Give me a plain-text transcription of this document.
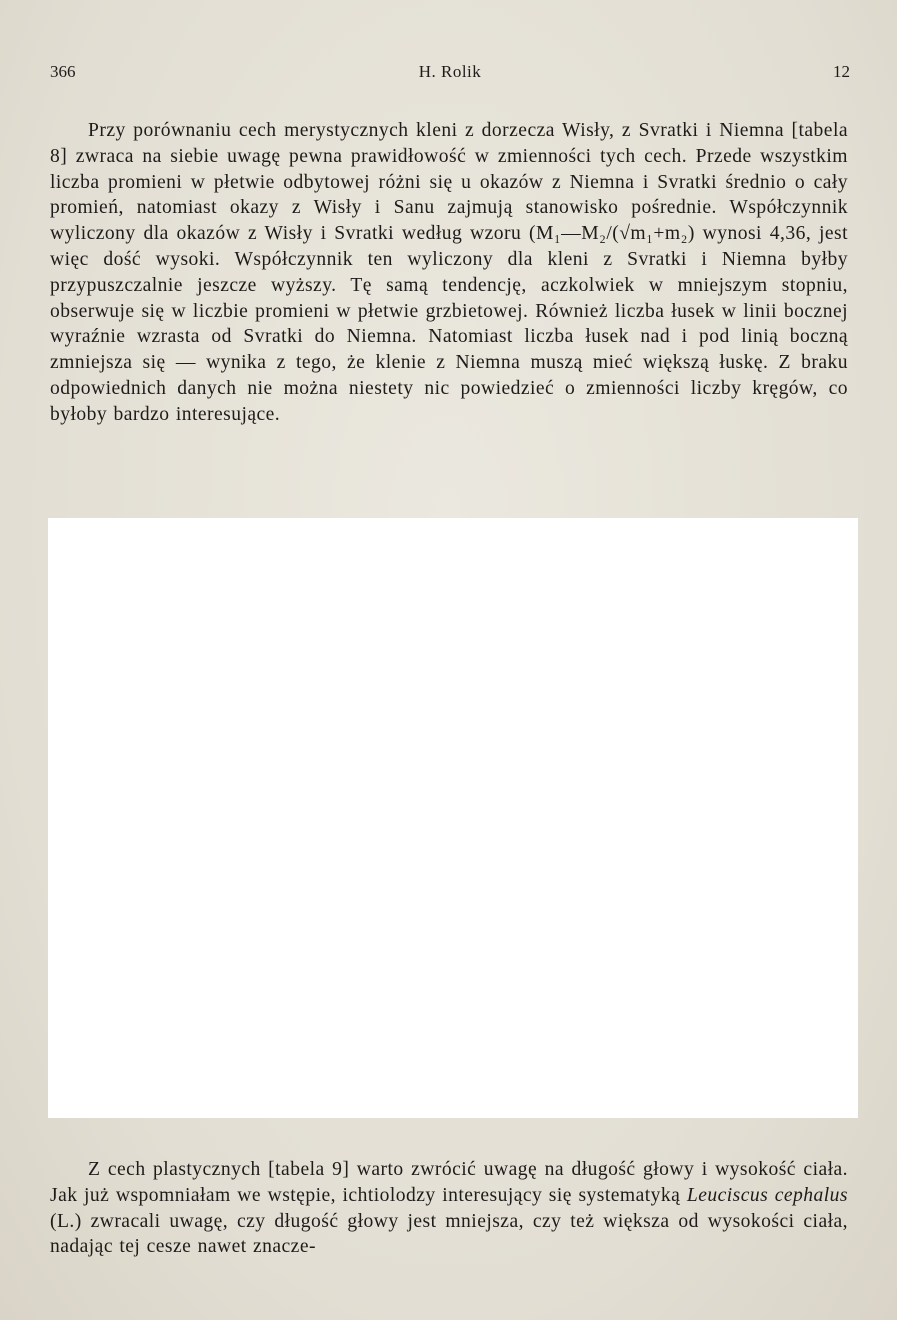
366	H. Rolik	12

Przy porównaniu cech merystycznych kleni z dorzecza Wisły, z Svratki i Niemna [tabela 8] zwraca na siebie uwagę pewna prawidłowość w zmienności tych cech. Przede wszystkim liczba promieni w płetwie odbytowej różni się u okazów z Niemna i Svratki średnio o cały promień, natomiast okazy z Wisły i Sanu zajmują stanowisko pośrednie. Współczynnik wyliczony dla okazów z Wisły i Svratki według wzoru (M₁—M₂/(√m₁+m₂) wynosi 4,36, jest więc dość wysoki. Współczynnik ten wyliczony dla kleni z Svratki i Niemna byłby przypuszczalnie jeszcze wyższy. Tę samą tendencję, aczkolwiek w mniejszym stopniu, obserwuje się w liczbie promieni w płetwie grzbietowej. Również liczba łusek w linii bocznej wyraźnie wzrasta od Svratki do Niemna. Natomiast liczba łusek nad i pod linią boczną zmniejsza się — wynika z tego, że klenie z Niemna muszą mieć większą łuskę. Z braku odpowiednich danych nie można niestety nic powiedzieć o zmienności liczby kręgów, co byłoby bardzo interesujące.

Z cech plastycznych [tabela 9] warto zwrócić uwagę na długość głowy i wysokość ciała. Jak już wspomniałam we wstępie, ichtiolodzy interesujący się systematyką Leuciscus cephalus (L.) zwracali uwagę, czy długość głowy jest mniejsza, czy też większa od wysokości ciała, nadając tej cesze nawet znacze-
